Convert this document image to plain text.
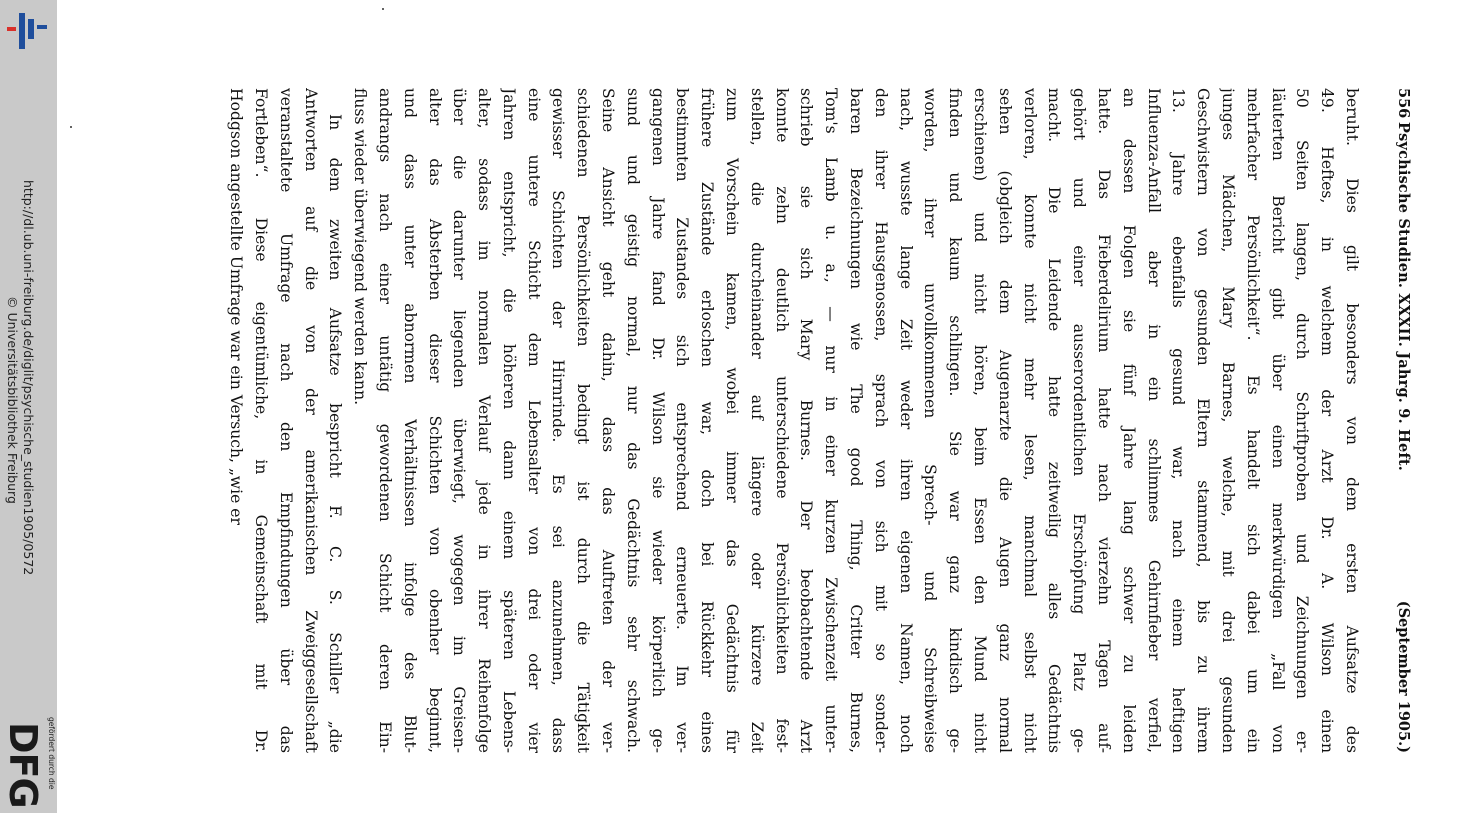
http://dl.ub.uni-freiburg.de/diglit/psychische_studien1905/0572
© Universitätsbibliothek Freiburg
gefördert durch die
DFG
556
Psychische Studien. XXXII. Jahrg. 9. Heft.
(September 1905.)
beruht. Dies gilt besonders von dem ersten Aufsatze des
49. Heftes, in welchem der Arzt Dr. A. Wilson einen
50 Seiten langen, durch Schriftproben und Zeichnungen er-
läuterten Bericht gibt über einen merkwürdigen „Fall von
mehrfacher Persönlichkeit“. Es handelt sich dabei um ein
junges Mädchen, Mary Barnes, welche, mit drei gesunden
Geschwistern von gesunden Eltern stammend, bis zu ihrem
13. Jahre ebenfalls gesund war, nach einem heftigen
Influenza-Anfall aber in ein schlimmes Gehirnfieber verfiel,
an dessen Folgen sie fünf Jahre lang schwer zu leiden
hatte. Das Fieberdelirium hatte nach vierzehn Tagen auf-
gehört und einer ausserordentlichen Erschöpfung Platz ge-
macht. Die Leidende hatte zeitweilig alles Gedächtnis
verloren, konnte nicht mehr lesen, manchmal selbst nicht
sehen (obgleich dem Augenarzte die Augen ganz normal
erschienen) und nicht hören, beim Essen den Mund nicht
finden und kaum schlingen. Sie war ganz kindisch ge-
worden, ihrer unvollkommenen Sprech- und Schreibweise
nach, wusste lange Zeit weder ihren eigenen Namen, noch
den ihrer Hausgenossen, sprach von sich mit so sonder-
baren Bezeichnungen wie The good Thing, Critter Burnes,
Tom's Lamb u. a., — nur in einer kurzen Zwischenzeit unter-
schrieb sie sich Mary Burnes. Der beobachtende Arzt
konnte zehn deutlich unterschiedene Persönlichkeiten fest-
stellen, die durcheinander auf längere oder kürzere Zeit
zum Vorschein kamen, wobei immer das Gedächtnis für
frühere Zustände erloschen war, doch bei Rückkehr eines
bestimmten Zustandes sich entsprechend erneuerte. Im ver-
gangenen Jahre fand Dr. Wilson sie wieder körperlich ge-
sund und geistig normal, nur das Gedächtnis sehr schwach.
Seine Ansicht geht dahin, dass das Auftreten der ver-
schiedenen Persönlichkeiten bedingt ist durch die Tätigkeit
gewisser Schichten der Hirnrinde. Es sei anzunehmen, dass
eine untere Schicht dem Lebensalter von drei oder vier
Jahren entspricht, die höheren dann einem späteren Lebens-
alter, sodass im normalen Verlauf jede in ihrer Reihenfolge
über die darunter liegenden überwiegt, wogegen im Greisen-
alter das Absterben dieser Schichten von obenher beginnt,
und dass unter abnormen Verhältnissen infolge des Blut-
andrangs nach einer untätig gewordenen Schicht deren Ein-
fluss wieder überwiegend werden kann.
In dem zweiten Aufsatze bespricht F. C. S. Schiller „die
Antworten auf die von der amerikanischen Zweiggesellschaft
veranstaltete Umfrage nach den Empfindungen über das
Fortleben“. Diese eigentümliche, in Gemeinschaft mit Dr.
Hodgson angestellte Umfrage war ein Versuch, „wie er
